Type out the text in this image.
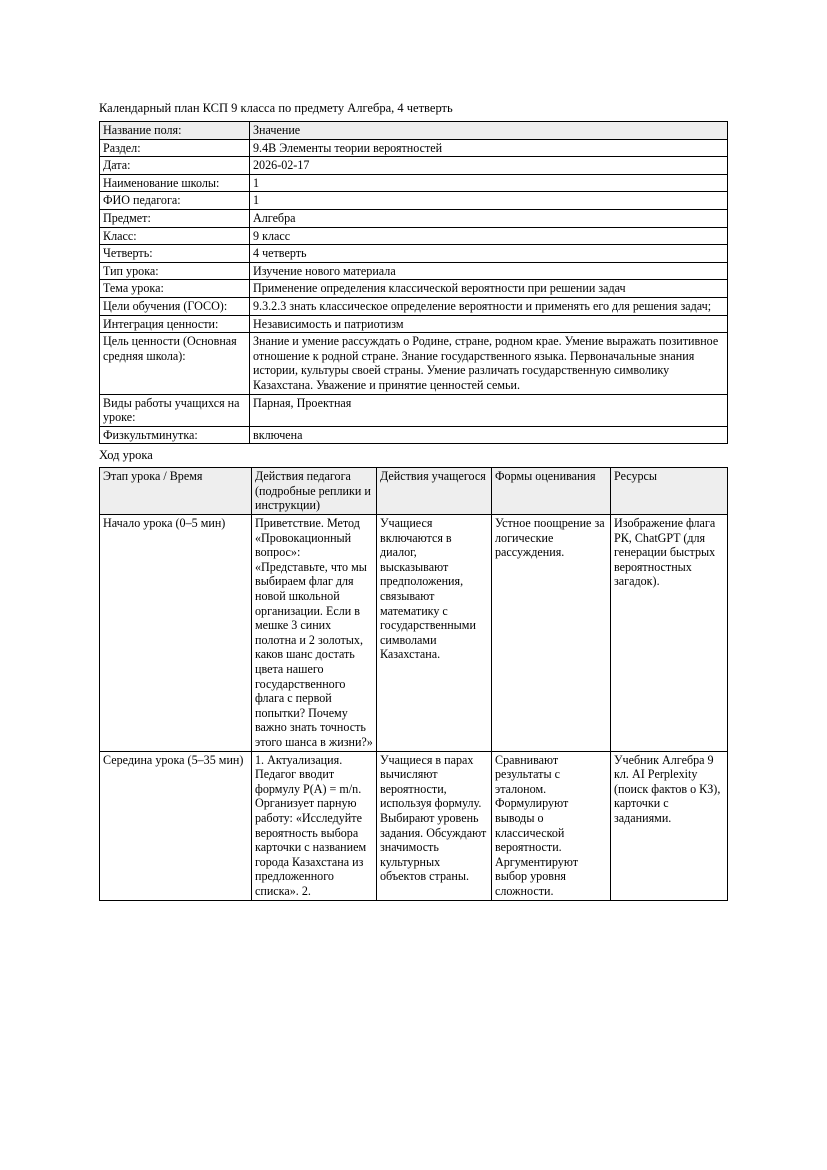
Календарный план КСП 9 класса по предмету Алгебра, 4 четверть
Название поля:	Значение
Раздел:	9.4B Элементы теории вероятностей
Дата:	2026-02-17
Наименование школы:	1
ФИО педагога:	1
Предмет:	Алгебра
Класс:	9 класс
Четверть:	4 четверть
Тип урока:	Изучение нового материала
Тема урока:	Применение определения классической вероятности при решении задач
Цели обучения (ГОСО):	9.3.2.3 знать классическое определение вероятности и применять его для решения задач;
Интеграция ценности:	Независимость и патриотизм
Цель ценности (Основная средняя школа):	Знание и умение рассуждать о Родине, стране, родном крае. Умение выражать позитивное отношение к родной стране. Знание государственного языка. Первоначальные знания истории, культуры своей страны. Умение различать государственную символику Казахстана. Уважение и принятие ценностей семьи.
Виды работы учащихся на уроке:	Парная, Проектная
Физкультминутка:	включена
Ход урока
Этап урока / Время	Действия педагога (подробные реплики и инструкции)	Действия учащегося	Формы оценивания	Ресурсы
Начало урока (0–5 мин)	Приветствие. Метод «Провокационный вопрос»: «Представьте, что мы выбираем флаг для новой школьной организации. Если в мешке 3 синих полотна и 2 золотых, каков шанс достать цвета нашего государственного флага с первой попытки? Почему важно знать точность этого шанса в жизни?»	Учащиеся включаются в диалог, высказывают предположения, связывают математику с государственными символами Казахстана.	Устное поощрение за логические рассуждения.	Изображение флага РК, ChatGPT (для генерации быстрых вероятностных загадок).
Середина урока (5–35 мин)	1. Актуализация. Педагог вводит формулу P(A) = m/n. Организует парную работу: «Исследуйте вероятность выбора карточки с названием города Казахстана из предложенного списка». 2.	Учащиеся в парах вычисляют вероятности, используя формулу. Выбирают уровень задания. Обсуждают значимость культурных объектов страны.	Сравнивают результаты с эталоном. Формулируют выводы о классической вероятности. Аргументируют выбор уровня сложности.	Учебник Алгебра 9 кл. AI Perplexity (поиск фактов о КЗ), карточки с заданиями.
